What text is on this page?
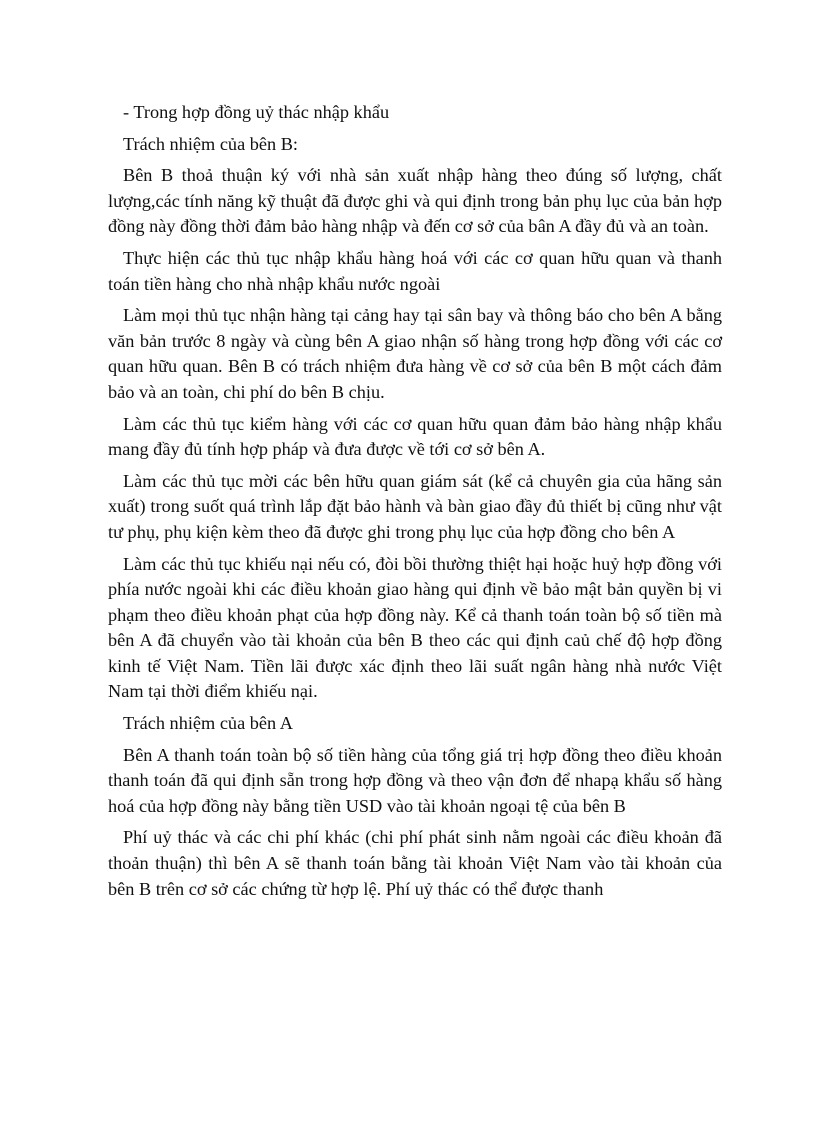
- Trong hợp đồng uỷ thác nhập khẩu

Trách nhiệm của bên B:

Bên B thoả thuận ký với nhà sản xuất nhập hàng theo đúng số lượng, chất lượng,các tính năng kỹ thuật đã được ghi và qui định trong bản phụ lục của bản hợp đồng này đồng thời đảm bảo hàng nhập và đến cơ sở của bân A đầy đủ và an toàn.

Thực hiện các thủ tục nhập khẩu hàng hoá với các cơ quan hữu quan và thanh toán tiền hàng cho nhà nhập khẩu nước ngoài

Làm mọi thủ tục nhận hàng tại cảng hay tại sân bay và thông báo cho bên A bằng văn bản trước 8 ngày và cùng bên A giao nhận số hàng trong hợp đồng với các cơ quan hữu quan. Bên B có trách nhiệm đưa hàng về cơ sở của bên B một cách đảm bảo và an toàn, chi phí do bên B chịu.

Làm các thủ tục kiểm hàng với các cơ quan hữu quan đảm bảo hàng nhập khẩu mang đầy đủ tính hợp pháp và đưa được về tới cơ sở bên A.

Làm các thủ tục mời các bên hữu quan giám sát (kể cả chuyên gia của hãng sản xuất) trong suốt quá trình lắp đặt bảo hành và bàn giao đầy đủ thiết bị cũng như vật tư phụ, phụ kiện kèm theo đã được ghi trong phụ lục của hợp đồng cho bên A

Làm các thủ tục khiếu nại nếu có, đòi bồi thường thiệt hại hoặc huỷ hợp đồng với phía nước ngoài khi các điều khoản giao hàng qui định về bảo mật bản quyền bị vi phạm theo điều khoản phạt của hợp đồng này. Kể cả thanh toán toàn bộ số tiền mà bên A đã chuyển vào tài khoản của bên B theo các qui định caủ chế độ hợp đồng kinh tế Việt Nam. Tiền lãi được xác định theo lãi suất ngân hàng nhà nước Việt Nam tại thời điểm khiếu nại.

Trách nhiệm của bên A

Bên A thanh toán toàn bộ số tiền hàng của tổng giá trị hợp đồng theo điều khoản thanh toán đã qui định sẵn trong hợp đồng và theo vận đơn để nhapạ khẩu số hàng hoá của hợp đồng này bằng tiền USD vào tài khoản ngoại tệ của bên B

Phí uỷ thác và các chi phí khác (chi phí phát sinh nằm ngoài các điều khoản đã thoản thuận) thì bên A sẽ thanh toán bằng tài khoản Việt Nam vào tài khoản của bên B trên cơ sở các chứng từ hợp lệ. Phí uỷ thác có thể được thanh
